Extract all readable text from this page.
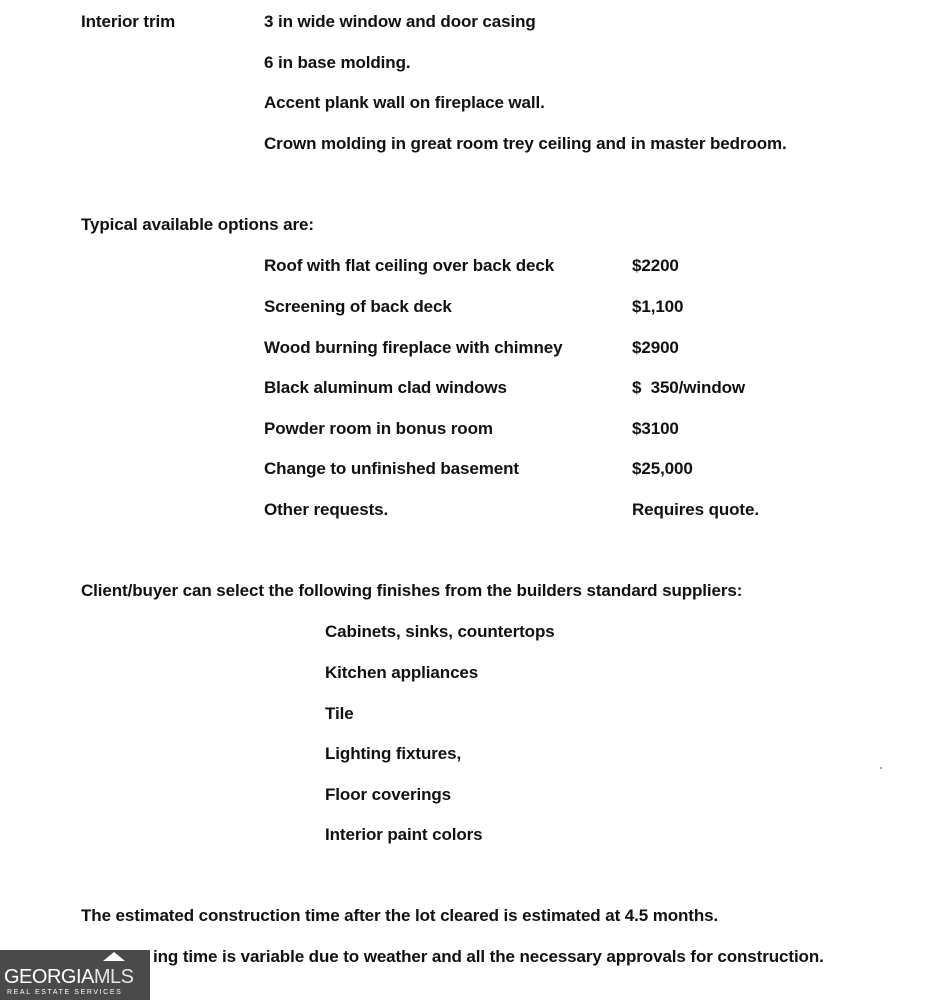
Interior trim	3 in wide window and door casing
6 in base molding.
Accent plank wall on fireplace wall.
Crown molding in great room trey ceiling and in master bedroom.
Typical available options are:
Roof with flat ceiling over back deck	$2200
Screening of back deck	$1,100
Wood burning fireplace with chimney	$2900
Black aluminum clad windows	$  350/window
Powder room in bonus room	$3100
Change to unfinished basement	$25,000
Other requests.	Requires quote.
Client/buyer can select the following finishes from the builders standard suppliers:
Cabinets, sinks, countertops
Kitchen appliances
Tile
Lighting fixtures,
Floor coverings
Interior paint colors
The estimated construction time after the lot cleared is estimated at 4.5 months.
ing time is variable due to weather and all the necessary approvals for construction.
GEORGIAMLS
REAL ESTATE SERVICES
